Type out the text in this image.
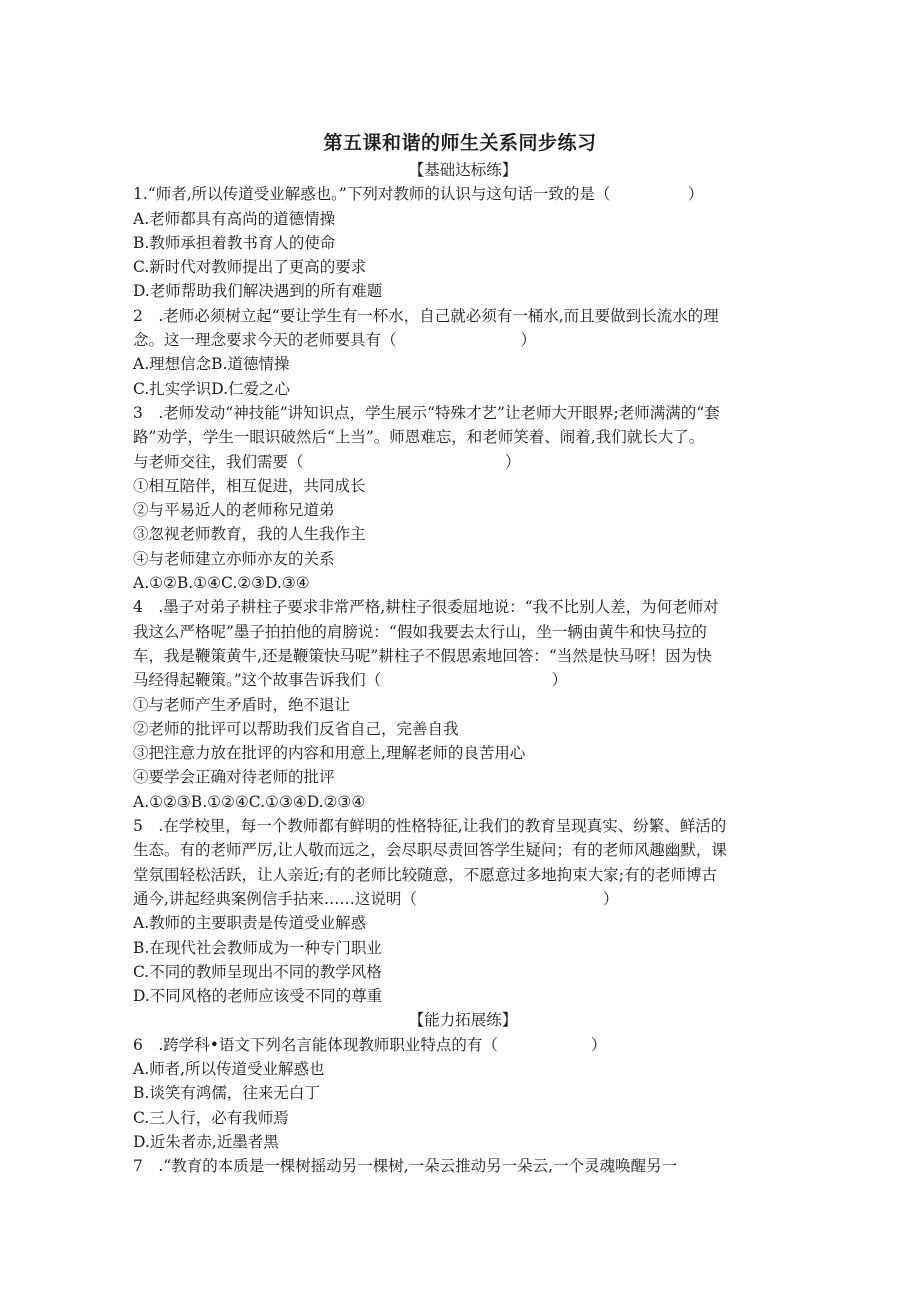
第五课和谐的师生关系同步练习
【基础达标练】
1.“师者,所以传道受业解惑也。”下列对教师的认识与这句话一致的是（　　　　　）
A.老师都具有高尚的道德情操
B.教师承担着教书育人的使命
C.新时代对教师提出了更高的要求
D.老师帮助我们解决遇到的所有难题
2　.老师必须树立起“要让学生有一杯水，自己就必须有一桶水,而且要做到长流水的理
念。这一理念要求今天的老师要具有（　　　　　　　　）
A.理想信念B.道德情操
C.扎实学识D.仁爱之心
3　.老师发动“神技能”讲知识点，学生展示“特殊才艺”让老师大开眼界;老师满满的“套
路”劝学，学生一眼识破然后“上当”。师恩难忘，和老师笑着、闹着,我们就长大了。
与老师交往，我们需要（　　　　　　　　　　　　　）
①相互陪伴，相互促进，共同成长
②与平易近人的老师称兄道弟
③忽视老师教育，我的人生我作主
④与老师建立亦师亦友的关系
A.①②B.①④C.②③D.③④
4　.墨子对弟子耕柱子要求非常严格,耕柱子很委屈地说：“我不比别人差，为何老师对
我这么严格呢”墨子拍拍他的肩膀说：“假如我要去太行山，坐一辆由黄牛和快马拉的
车，我是鞭策黄牛,还是鞭策快马呢”耕柱子不假思索地回答：“当然是快马呀！因为快
马经得起鞭策。”这个故事告诉我们（　　　　　　　　　　　）
①与老师产生矛盾时，绝不退让
②老师的批评可以帮助我们反省自己，完善自我
③把注意力放在批评的内容和用意上,理解老师的良苦用心
④要学会正确对待老师的批评
A.①②③B.①②④C.①③④D.②③④
5　.在学校里，每一个教师都有鲜明的性格特征,让我们的教育呈现真实、纷繁、鲜活的
生态。有的老师严厉,让人敬而远之，会尽职尽责回答学生疑问；有的老师风趣幽默，课
堂氛围轻松活跃，让人亲近;有的老师比较随意，不愿意过多地拘束大家;有的老师博古
通今,讲起经典案例信手拈来……这说明（　　　　　　　　　　　　）
A.教师的主要职责是传道受业解惑
B.在现代社会教师成为一种专门职业
C.不同的教师呈现出不同的教学风格
D.不同风格的老师应该受不同的尊重
【能力拓展练】
6　.跨学科•语文下列名言能体现教师职业特点的有（　　　　　　）
A.师者,所以传道受业解惑也
B.谈笑有鸿儒，往来无白丁
C.三人行，必有我师焉
D.近朱者赤,近墨者黑
7　.“教育的本质是一棵树摇动另一棵树,一朵云推动另一朵云,一个灵魂唤醒另一
